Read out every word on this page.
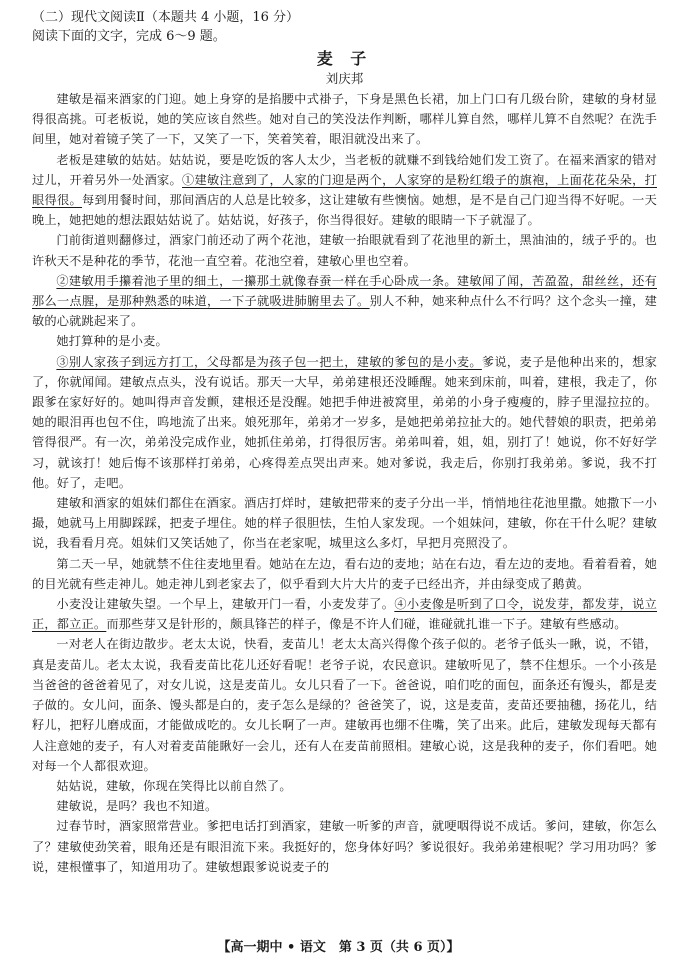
（二）现代文阅读Ⅱ（本题共 4 小题，16 分）
阅读下面的文字，完成 6～9 题。
麦 子
刘庆邦

建敏是福来酒家的门迎。她上身穿的是掐腰中式褂子，下身是黑色长裙，加上门口有几级台阶，建敏的身材显得很高挑。可老板说，她的笑应该自然些。她对自己的笑没法作判断，哪样儿算自然，哪样儿算不自然呢？在洗手间里，她对着镜子笑了一下，又笑了一下，笑着笑着，眼泪就没出来了。

老板是建敏的姑姑。姑姑说，要是吃饭的客人太少，当老板的就赚不到钱给她们发工资了。在福来酒家的错对过儿，开着另外一处酒家。①建敏注意到了，人家的门迎是两个，人家穿的是粉红缎子的旗袍，上面花花朵朵，打眼得很。每到用餐时间，那间酒店的人总是比较多，这让建敏有些懊恼。她想，是不是自己门迎当得不好呢。一天晚上，她把她的想法跟姑姑说了。姑姑说，好孩子，你当得很好。建敏的眼睛一下子就湿了。

门前街道则翻修过，酒家门前还动了两个花池，建敏一抬眼就看到了花池里的新土，黑油油的，绒子乎的。也许秋天不是种花的季节，花池一直空着。花池空着，建敏心里也空着。

②建敏用手攥着池子里的细土，一攥那土就像春蚕一样在手心卧成一条。建敏闻了闻，苦盈盈，甜丝丝，还有那么一点腥，是那种熟悉的味道，一下子就吸进肺腑里去了。别人不种，她来种点什么不行吗？这个念头一撞，建敏的心就跳起来了。

她打算种的是小麦。

③别人家孩子到远方打工，父母都是为孩子包一把土，建敏的爹包的是小麦。爹说，麦子是他种出来的，想家了，你就闻闻。建敏点点头，没有说话。那天一大早，弟弟建根还没睡醒。她来到床前，叫着，建根，我走了，你跟爹在家好好的。她叫得声音发颤，建根还是没醒。她把手伸进被窝里，弟弟的小身子瘦瘦的，脖子里湿拉拉的。她的眼泪再也包不住，呜地流了出来。娘死那年，弟弟才一岁多，是她把弟弟拉扯大的。她代替娘的职责，把弟弟管得很严。有一次，弟弟没完成作业，她抓住弟弟，打得很厉害。弟弟叫着，姐，姐，别打了！她说，你不好好学习，就该打！她后悔不该那样打弟弟，心疼得差点哭出声来。她对爹说，我走后，你别打我弟弟。爹说，我不打他。好了，走吧。

建敏和酒家的姐妹们都住在酒家。酒店打烊时，建敏把带来的麦子分出一半，悄悄地往花池里撒。她撒下一小撮，她就马上用脚踩踩，把麦子埋住。她的样子很胆怯，生怕人家发现。一个姐妹问，建敏，你在干什么呢？建敏说，我看看月亮。姐妹们又笑话她了，你当在老家呢，城里这么多灯，早把月亮照没了。

第二天一早，她就禁不住往麦地里看。她站在左边，看右边的麦地；站在右边，看左边的麦地。看着看着，她的目光就有些走神儿。她走神儿到老家去了，似乎看到大片大片的麦子已经出齐，并由绿变成了鹅黄。

小麦没让建敏失望。一个早上，建敏开门一看，小麦发芽了。④小麦像是听到了口令，说发芽，都发芽，说立正，都立正。而那些芽又是针形的，颇具锋芒的样子，像是不许人们碰，谁碰就扎谁一下子。建敏有些感动。

一对老人在街边散步。老太太说，快看，麦苗儿！老太太高兴得像个孩子似的。老爷子低头一瞅，说，不错，真是麦苗儿。老太太说，我看麦苗比花儿还好看呢！老爷子说，农民意识。建敏听见了，禁不住想乐。一个小孩是当爸爸的爸爸着见了，对女儿说，这是麦苗儿。女儿只看了一下。爸爸说，咱们吃的面包，面条还有馒头，都是麦子做的。女儿问，面条、馒头都是白的，麦子怎么是绿的？爸爸笑了，说，这是麦苗，麦苗还要抽穗，扬花儿，结籽儿，把籽儿磨成面，才能做成吃的。女儿长啊了一声。建敏再也绷不住嘴，笑了出来。此后，建敏发现每天都有人注意她的麦子，有人对着麦苗能瞅好一会儿，还有人在麦苗前照相。建敏心说，这是我种的麦子，你们看吧。她对每一个人都很欢迎。

姑姑说，建敏，你现在笑得比以前自然了。

建敏说，是吗？我也不知道。

过春节时，酒家照常营业。爹把电话打到酒家，建敏一听爹的声音，就哽咽得说不成话。爹问，建敏，你怎么了？建敏使劲笑着，眼角还是有眼泪流下来。我挺好的，您身体好吗？爹说很好。我弟弟建根呢？学习用功吗？爹说，建根懂事了，知道用功了。建敏想跟爹说说麦子的

【高一期中 • 语文　第 3 页（共 6 页）】
